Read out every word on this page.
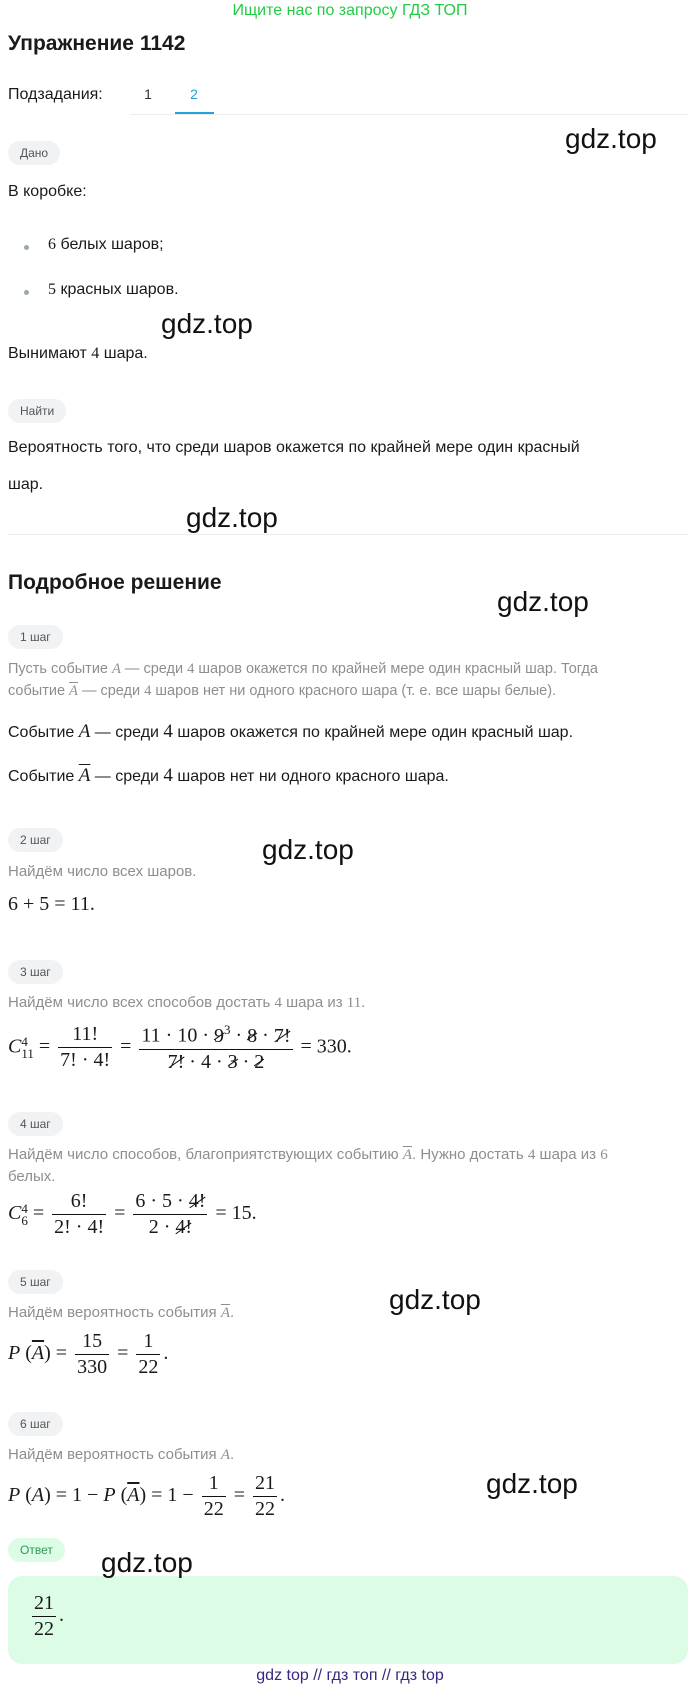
Ищите нас по запросу ГДЗ ТОП
Упражнение 1142
Подзадания:	1	2
Дано
В коробке:
6 белых шаров;
5 красных шаров.
Вынимают 4 шара.
Найти
Вероятность того, что среди шаров окажется по крайней мере один красный
шар.
Подробное решение
1 шаг
Пусть событие A — среди 4 шаров окажется по крайней мере один красный шар. Тогда
событие $\overline{A}$ — среди 4 шаров нет ни одного красного шара (т. е. все шары белые).
Событие A — среди 4 шаров окажется по крайней мере один красный шар.
Событие $\overline{A}$ — среди 4 шаров нет ни одного красного шара.
2 шаг
Найдём число всех шаров.
6 + 5 = 11.
3 шаг
Найдём число всех способов достать 4 шара из 11.
C 4
$11 = \frac{11!}{7! \cdot 4!} = \frac{11 \cdot 10 \cdot 9^3 \cdot 8 \cdot 7!}{7! \cdot 4 \cdot 3 \cdot 2} = 330$.
4 шаг
Найдём число способов, благоприятствующих событию $\overline{A}$. Нужно достать 4 шара из 6
белых.
C 4
$6 = \frac{6!}{2! \cdot 4!} = \frac{6 \cdot 5 \cdot 4!}{2 \cdot 4!} = 15$.
5 шаг
Найдём вероятность события $\overline{A}$.
P $(\overline{A}) = \frac{15}{330} = \frac{1}{22}$ .
6 шаг
Найдём вероятность события A.
P (A) = 1 − P $(\overline{A}) = 1 - \frac{1}{22} = \frac{21}{22}$ .
Ответ
$\frac{21}{22}$ .
gdz.top
gdz.top
gdz.top
gdz.top
gdz.top
gdz.top
gdz.top
gdz.top
gdz top // гдз топ // гдз top
